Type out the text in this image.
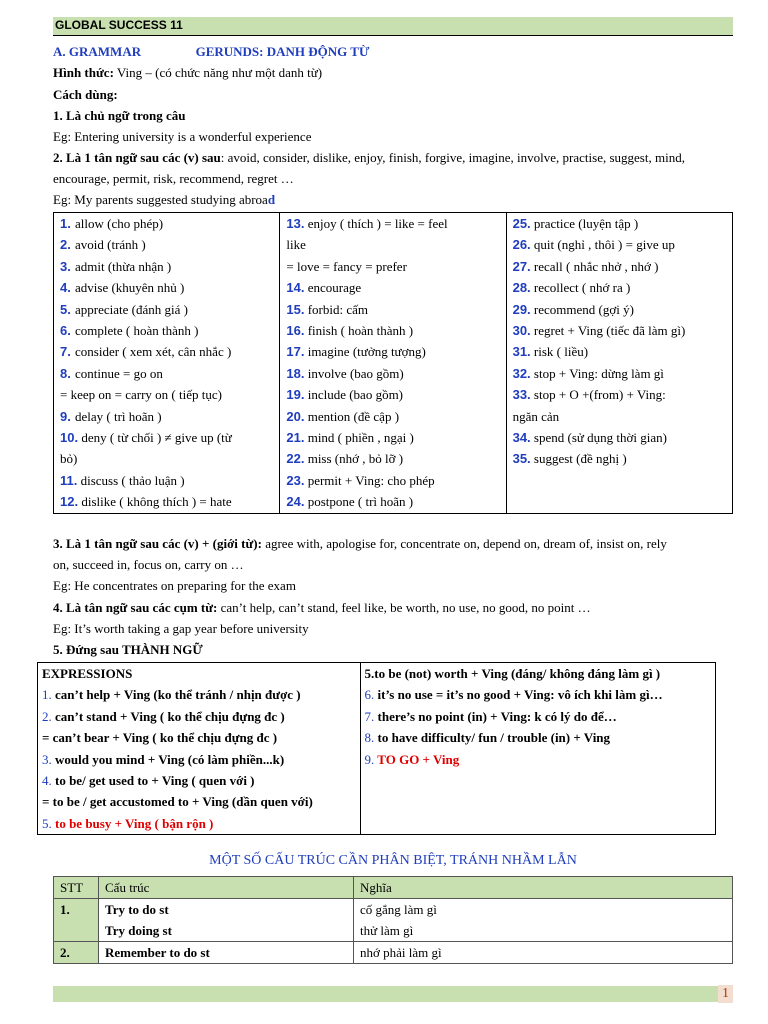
GLOBAL SUCCESS 11
A. GRAMMAR	GERUNDS: DANH ĐỘNG TỪ
Hình thức: Ving – (có chức năng như một danh từ)
Cách dùng:
1. Là chủ ngữ trong câu
Eg: Entering university is a wonderful experience
2. Là 1 tân ngữ sau các (v) sau: avoid, consider, dislike, enjoy, finish, forgive, imagine, involve, practise, suggest, mind,
encourage, permit, risk, recommend, regret …
Eg: My parents suggested studying abroad
1. allow (cho phép)
2. avoid (tránh )
3. admit (thừa nhận )
4. advise (khuyên nhủ )
5. appreciate (đánh giá )
6. complete ( hoàn thành )
7. consider ( xem xét, cân nhắc )
8. continue = go on
= keep on = carry on ( tiếp tục)
9. delay ( trì hoãn )
10. deny ( từ chối ) ≠ give up (từ
bỏ)
11. discuss ( thảo luận )
12. dislike ( không thích ) = hate

13. enjoy ( thích ) = like = feel
like
= love = fancy = prefer
14. encourage
15. forbid: cấm
16. finish ( hoàn thành )
17. imagine (tưởng tượng)
18. involve (bao gồm)
19. include (bao gồm)
20. mention (đề cập )
21. mind ( phiền , ngại )
22. miss (nhớ , bỏ lỡ )
23. permit + Ving: cho phép
24. postpone ( trì hoãn )

25. practice (luyện tập )
26. quit (nghỉ , thôi ) = give up
27. recall ( nhắc nhở , nhớ )
28. recollect ( nhớ ra )
29. recommend (gợi ý)
30. regret + Ving (tiếc đã làm gì)
31. risk ( liều)
32. stop + Ving: dừng làm gì
33. stop + O +(from) + Ving:
ngăn cản
34. spend (sử dụng thời gian)
35. suggest (đề nghị )
3. Là 1 tân ngữ sau các (v) + (giới từ): agree with, apologise for, concentrate on, depend on, dream of, insist on, rely
on, succeed in, focus on, carry on …
Eg: He concentrates on preparing for the exam
4. Là tân ngữ sau các cụm từ: can’t help, can’t stand, feel like, be worth, no use, no good, no point …
Eg: It’s worth taking a gap year before university
5. Đứng sau THÀNH NGỮ
EXPRESSIONS
1. can’t help + Ving (ko thể tránh / nhịn được )
2. can’t stand + Ving ( ko thể chịu đựng đc )
= can’t bear + Ving ( ko thể chịu đựng đc )
3. would you mind + Ving (có làm phiền...k)
4. to be/ get used to + Ving ( quen với )
= to be / get accustomed to + Ving (dần quen với)
5. to be busy + Ving ( bận rộn )

5.to be (not) worth + Ving (đáng/ không đáng làm gì )
6. it’s no use = it’s no good + Ving: vô ích khi làm gì…
7. there’s no point (in) + Ving: k có lý do để…
8. to have difficulty/ fun / trouble (in) + Ving
9. TO GO + Ving
MỘT SỐ CẤU TRÚC CẦN PHÂN BIỆT, TRÁNH NHẦM LẪN
STT	Cấu trúc	Nghĩa
1.	Try to do st	cố gắng làm gì
	Try doing st	thử làm gì
2.	Remember to do st	nhớ phải làm gì
1
